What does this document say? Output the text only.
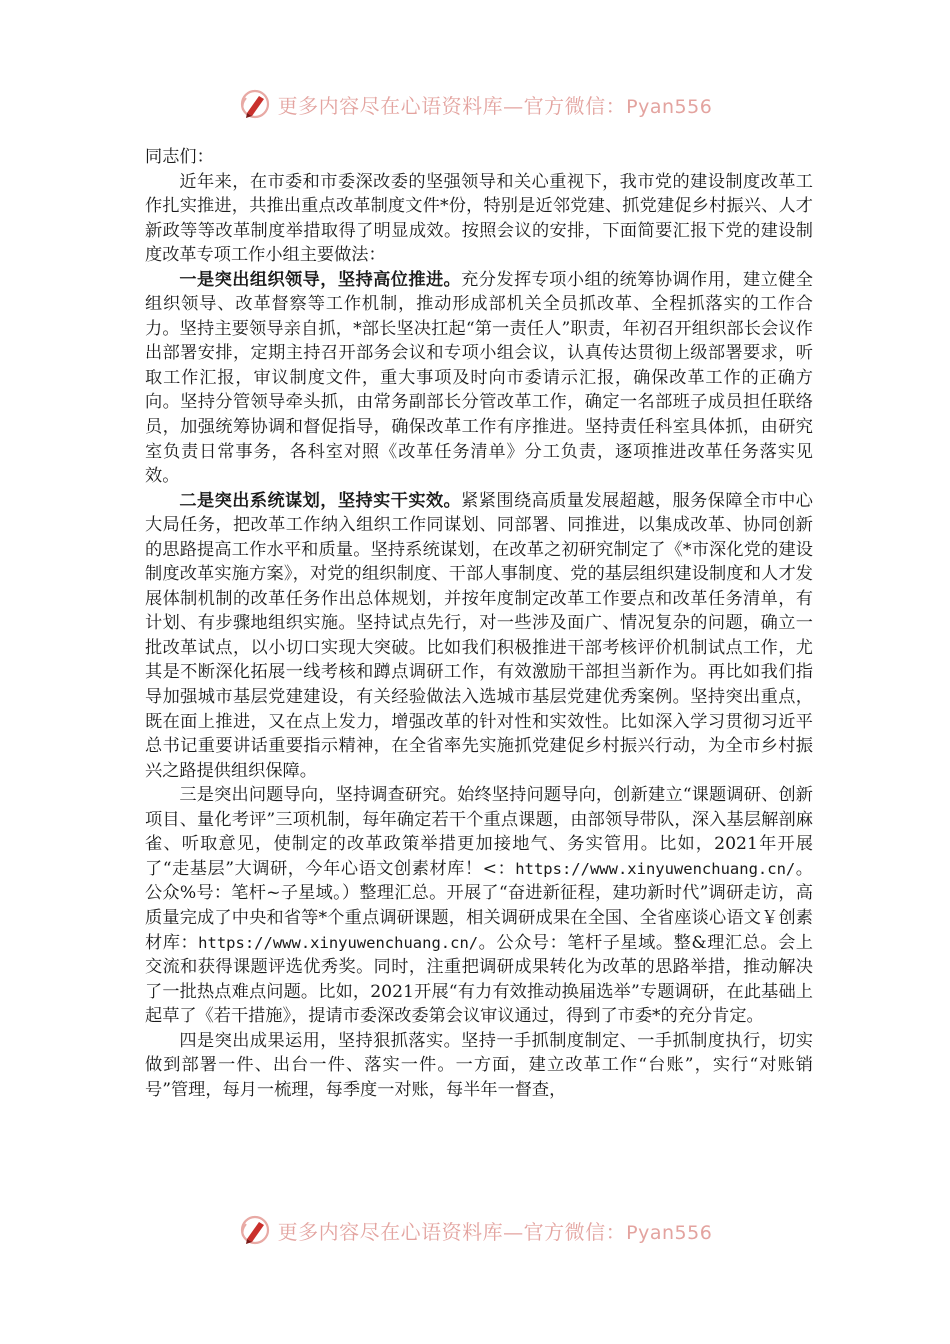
更多内容尽在心语资料库—官方微信：Pyan556

同志们：

近年来，在市委和市委深改委的坚强领导和关心重视下，我市党的建设制度改革工作扎实推进，共推出重点改革制度文件*份，特别是近邻党建、抓党建促乡村振兴、人才新政等等改革制度举措取得了明显成效。按照会议的安排，下面简要汇报下党的建设制度改革专项工作小组主要做法：

一是突出组织领导，坚持高位推进。充分发挥专项小组的统筹协调作用，建立健全组织领导、改革督察等工作机制，推动形成部机关全员抓改革、全程抓落实的工作合力。坚持主要领导亲自抓，*部长坚决扛起“第一责任人”职责，年初召开组织部长会议作出部署安排，定期主持召开部务会议和专项小组会议，认真传达贯彻上级部署要求，听取工作汇报，审议制度文件，重大事项及时向市委请示汇报，确保改革工作的正确方向。坚持分管领导牵头抓，由常务副部长分管改革工作，确定一名部班子成员担任联络员，加强统筹协调和督促指导，确保改革工作有序推进。坚持责任科室具体抓，由研究室负责日常事务，各科室对照《改革任务清单》分工负责，逐项推进改革任务落实见效。

二是突出系统谋划，坚持实干实效。紧紧围绕高质量发展超越，服务保障全市中心大局任务，把改革工作纳入组织工作同谋划、同部署、同推进，以集成改革、协同创新的思路提高工作水平和质量。坚持系统谋划，在改革之初研究制定了《*市深化党的建设制度改革实施方案》，对党的组织制度、干部人事制度、党的基层组织建设制度和人才发展体制机制的改革任务作出总体规划，并按年度制定改革工作要点和改革任务清单，有计划、有步骤地组织实施。坚持试点先行，对一些涉及面广、情况复杂的问题，确立一批改革试点，以小切口实现大突破。比如我们积极推进干部考核评价机制试点工作，尤其是不断深化拓展一线考核和蹲点调研工作，有效激励干部担当新作为。再比如我们指导加强城市基层党建建设，有关经验做法入选城市基层党建优秀案例。坚持突出重点，既在面上推进，又在点上发力，增强改革的针对性和实效性。比如深入学习贯彻习近平总书记重要讲话重要指示精神，在全省率先实施抓党建促乡村振兴行动，为全市乡村振兴之路提供组织保障。

三是突出问题导向，坚持调查研究。始终坚持问题导向，创新建立“课题调研、创新项目、量化考评”三项机制，每年确定若干个重点课题，由部领导带队，深入基层解剖麻雀、听取意见，使制定的改革政策举措更加接地气、务实管用。比如，2021年开展了“走基层”大调研，今年心语文创素材库！<：https://www.xinyuwenchuang.cn/。公众%号：笔杆~子星域。）整理汇总。开展了“奋进新征程，建功新时代”调研走访，高质量完成了中央和省等*个重点调研课题，相关调研成果在全国、全省座谈心语文￥创素材库：https://www.xinyuwenchuang.cn/。公众号：笔杆子星域。整&理汇总。会上交流和获得课题评选优秀奖。同时，注重把调研成果转化为改革的思路举措，推动解决了一批热点难点问题。比如，2021开展“有力有效推动换届选举”专题调研，在此基础上起草了《若干措施》，提请市委深改委第会议审议通过，得到了市委*的充分肯定。

四是突出成果运用，坚持狠抓落实。坚持一手抓制度制定、一手抓制度执行，切实做到部署一件、出台一件、落实一件。一方面，建立改革工作“台账”，实行“对账销号”管理，每月一梳理，每季度一对账，每半年一督查，

更多内容尽在心语资料库—官方微信：Pyan556
